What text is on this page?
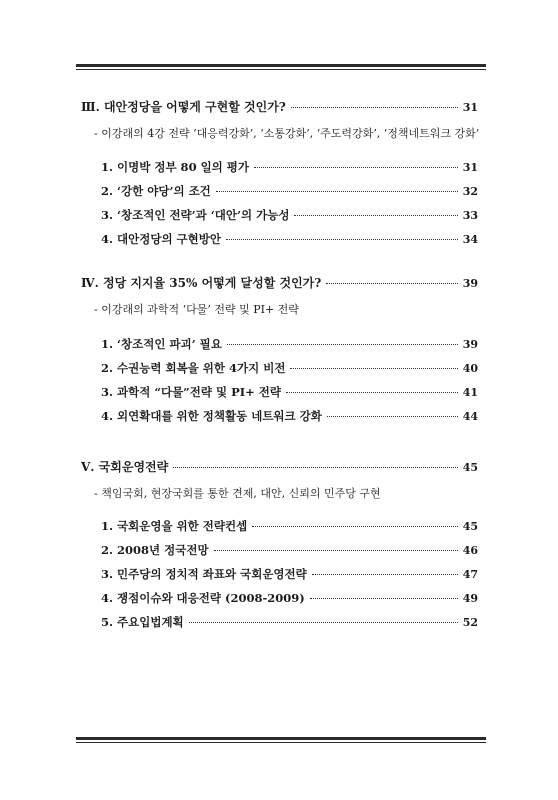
Ⅲ. 대안정당을 어떻게 구현할 것인가?	31
- 이강래의 4강 전략 ‘대응력강화’, ‘소통강화’, ‘주도력강화’, ‘정책네트워크 강화’
1. 이명박 정부 80 일의 평가	31
2. ‘강한 야당’의 조건	32
3. ‘창조적인 전략’과 ‘대안’의 가능성	33
4. 대안정당의 구현방안	34
Ⅳ. 정당 지지율 35% 어떻게 달성할 것인가?	39
- 이강래의 과학적 ‘다물’ 전략 및 PI+ 전략
1. ‘창조적인 파괴’ 필요	39
2. 수권능력 회복을 위한 4가지 비전	40
3. 과학적 “다물”전략 및 PI+ 전략	41
4. 외연확대를 위한 정책활동 네트워크 강화	44
Ⅴ. 국회운영전략	45
- 책임국회, 현장국회를 통한 견제, 대안, 신뢰의 민주당 구현
1. 국회운영을 위한 전략컨셉	45
2. 2008년 정국전망	46
3. 민주당의 정치적 좌표와 국회운영전략	47
4. 쟁점이슈와 대응전략 (2008-2009)	49
5. 주요입법계획	52
